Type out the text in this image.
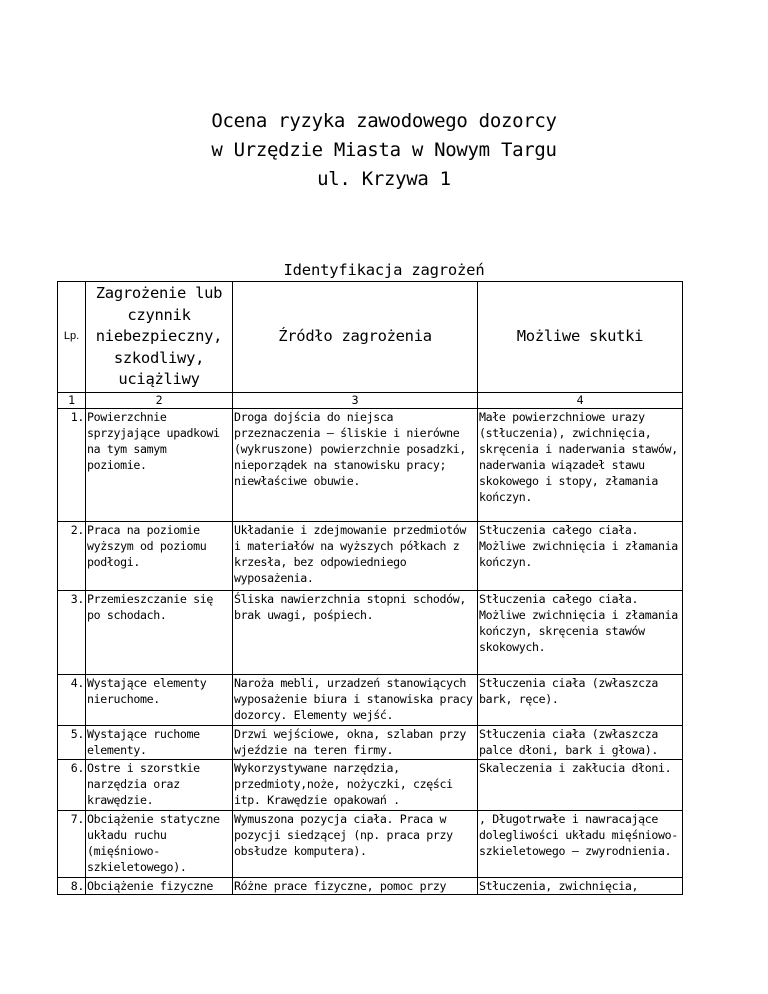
Ocena ryzyka zawodowego dozorcy
w Urzędzie Miasta w Nowym Targu
ul. Krzywa 1
Identyfikacja zagrożeń
Lp.	Zagrożenie lub czynnik niebezpieczny, szkodliwy, uciążliwy	Źródło zagrożenia	Możliwe skutki
1	2	3	4
1.	Powierzchnie sprzyjające upadkowi na tym samym poziomie.	Droga dojścia do niejsca przeznaczenia – śliskie i nierówne (wykruszone) powierzchnie posadzki, nieporządek na stanowisku pracy; niewłaściwe obuwie.	Małe powierzchniowe urazy (stłuczenia), zwichnięcia, skręcenia i naderwania stawów, naderwania wiązadeł stawu skokowego i stopy, złamania kończyn.
2.	Praca na poziomie wyższym od poziomu podłogi.	Układanie i zdejmowanie przedmiotów i materiałów na wyższych półkach z krzesła, bez odpowiedniego wyposażenia.	Stłuczenia całego ciała. Możliwe zwichnięcia i złamania kończyn.
3.	Przemieszczanie się po schodach.	Śliska nawierzchnia stopni schodów, brak uwagi, pośpiech.	Stłuczenia całego ciała. Możliwe zwichnięcia i złamania kończyn, skręcenia stawów skokowych.
4.	Wystające elementy nieruchome.	Naroża mebli, urzadzeń stanowiących wyposażenie biura i stanowiska pracy dozorcy. Elementy wejść.	Stłuczenia ciała (zwłaszcza bark, ręce).
5.	Wystające ruchome elementy.	Drzwi wejściowe, okna, szlaban przy wjeździe na teren firmy.	Stłuczenia ciała (zwłaszcza palce dłoni, bark i głowa).
6.	Ostre i szorstkie narzędzia oraz krawędzie.	Wykorzystywane narzędzia, przedmioty,noże, nożyczki, części itp. Krawędzie opakowań .	Skaleczenia i zakłucia dłoni.
7.	Obciążenie statyczne układu ruchu (mięśniowo-szkieletowego).	Wymuszona pozycja ciała. Praca w pozycji siedzącej (np. praca przy obsłudze komputera).	, Długotrwałe i nawracające dolegliwości układu mięśniowo-szkieletowego – zwyrodnienia.
8.	Obciążenie fizyczne	Różne prace fizyczne, pomoc przy	Stłuczenia, zwichnięcia,
